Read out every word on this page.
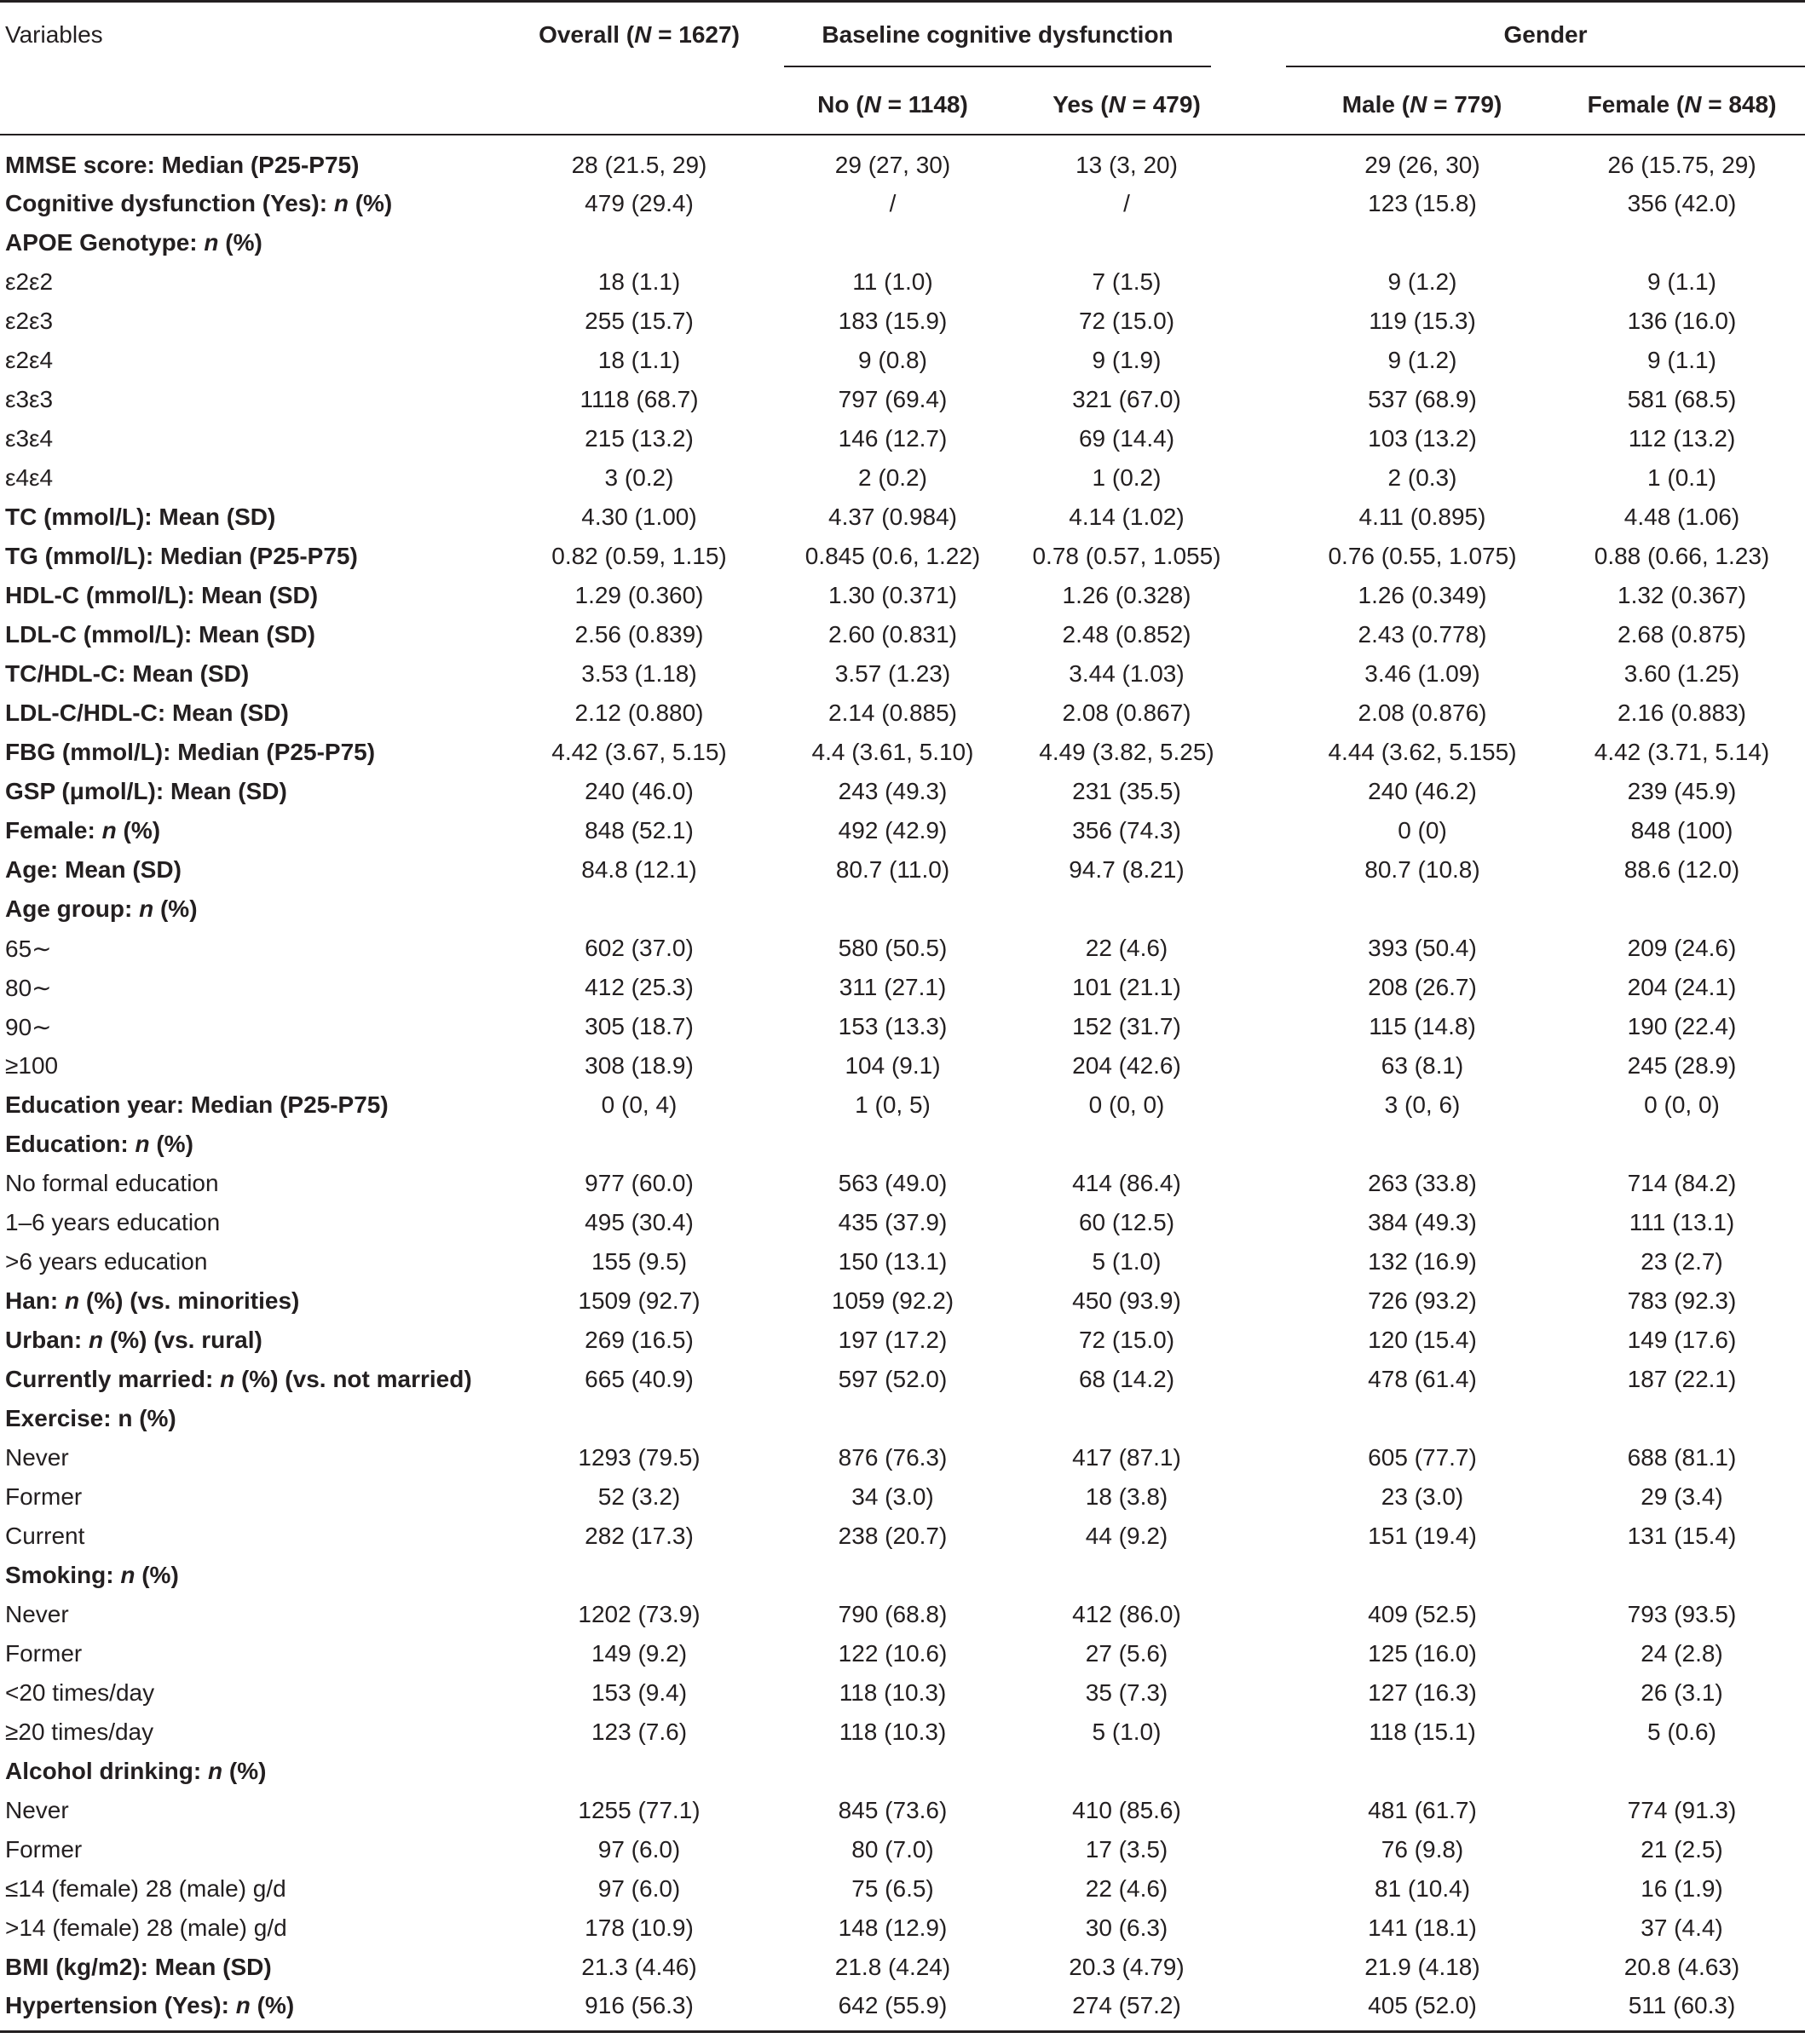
Variables	Overall (N = 1627)	Baseline cognitive dysfunction		Gender	

		No (N = 1148)	Yes (N = 479)	Male (N = 779)	Female (N = 848)
MMSE score: Median (P25-P75)	28 (21.5, 29)	29 (27, 30)	13 (3, 20)	29 (26, 30)	26 (15.75, 29)
Cognitive dysfunction (Yes): n (%)	479 (29.4)	/	/	123 (15.8)	356 (42.0)
APOE Genotype: n (%)					
ε2ε2	18 (1.1)	11 (1.0)	7 (1.5)	9 (1.2)	9 (1.1)
ε2ε3	255 (15.7)	183 (15.9)	72 (15.0)	119 (15.3)	136 (16.0)
ε2ε4	18 (1.1)	9 (0.8)	9 (1.9)	9 (1.2)	9 (1.1)
ε3ε3	1118 (68.7)	797 (69.4)	321 (67.0)	537 (68.9)	581 (68.5)
ε3ε4	215 (13.2)	146 (12.7)	69 (14.4)	103 (13.2)	112 (13.2)
ε4ε4	3 (0.2)	2 (0.2)	1 (0.2)	2 (0.3)	1 (0.1)
TC (mmol/L): Mean (SD)	4.30 (1.00)	4.37 (0.984)	4.14 (1.02)	4.11 (0.895)	4.48 (1.06)
TG (mmol/L): Median (P25-P75)	0.82 (0.59, 1.15)	0.845 (0.6, 1.22)	0.78 (0.57, 1.055)	0.76 (0.55, 1.075)	0.88 (0.66, 1.23)
HDL-C (mmol/L): Mean (SD)	1.29 (0.360)	1.30 (0.371)	1.26 (0.328)	1.26 (0.349)	1.32 (0.367)
LDL-C (mmol/L): Mean (SD)	2.56 (0.839)	2.60 (0.831)	2.48 (0.852)	2.43 (0.778)	2.68 (0.875)
TC/HDL-C: Mean (SD)	3.53 (1.18)	3.57 (1.23)	3.44 (1.03)	3.46 (1.09)	3.60 (1.25)
LDL-C/HDL-C: Mean (SD)	2.12 (0.880)	2.14 (0.885)	2.08 (0.867)	2.08 (0.876)	2.16 (0.883)
FBG (mmol/L): Median (P25-P75)	4.42 (3.67, 5.15)	4.4 (3.61, 5.10)	4.49 (3.82, 5.25)	4.44 (3.62, 5.155)	4.42 (3.71, 5.14)
GSP (μmol/L): Mean (SD)	240 (46.0)	243 (49.3)	231 (35.5)	240 (46.2)	239 (45.9)
Female: n (%)	848 (52.1)	492 (42.9)	356 (74.3)	0 (0)	848 (100)
Age: Mean (SD)	84.8 (12.1)	80.7 (11.0)	94.7 (8.21)	80.7 (10.8)	88.6 (12.0)
Age group: n (%)					
65∼	602 (37.0)	580 (50.5)	22 (4.6)	393 (50.4)	209 (24.6)
80∼	412 (25.3)	311 (27.1)	101 (21.1)	208 (26.7)	204 (24.1)
90∼	305 (18.7)	153 (13.3)	152 (31.7)	115 (14.8)	190 (22.4)
≥100	308 (18.9)	104 (9.1)	204 (42.6)	63 (8.1)	245 (28.9)
Education year: Median (P25-P75)	0 (0, 4)	1 (0, 5)	0 (0, 0)	3 (0, 6)	0 (0, 0)
Education: n (%)					
No formal education	977 (60.0)	563 (49.0)	414 (86.4)	263 (33.8)	714 (84.2)
1–6 years education	495 (30.4)	435 (37.9)	60 (12.5)	384 (49.3)	111 (13.1)
>6 years education	155 (9.5)	150 (13.1)	5 (1.0)	132 (16.9)	23 (2.7)
Han: n (%) (vs. minorities)	1509 (92.7)	1059 (92.2)	450 (93.9)	726 (93.2)	783 (92.3)
Urban: n (%) (vs. rural)	269 (16.5)	197 (17.2)	72 (15.0)	120 (15.4)	149 (17.6)
Currently married: n (%) (vs. not married)	665 (40.9)	597 (52.0)	68 (14.2)	478 (61.4)	187 (22.1)
Exercise: n (%)					
Never	1293 (79.5)	876 (76.3)	417 (87.1)	605 (77.7)	688 (81.1)
Former	52 (3.2)	34 (3.0)	18 (3.8)	23 (3.0)	29 (3.4)
Current	282 (17.3)	238 (20.7)	44 (9.2)	151 (19.4)	131 (15.4)
Smoking: n (%)					
Never	1202 (73.9)	790 (68.8)	412 (86.0)	409 (52.5)	793 (93.5)
Former	149 (9.2)	122 (10.6)	27 (5.6)	125 (16.0)	24 (2.8)
<20 times/day	153 (9.4)	118 (10.3)	35 (7.3)	127 (16.3)	26 (3.1)
≥20 times/day	123 (7.6)	118 (10.3)	5 (1.0)	118 (15.1)	5 (0.6)
Alcohol drinking: n (%)					
Never	1255 (77.1)	845 (73.6)	410 (85.6)	481 (61.7)	774 (91.3)
Former	97 (6.0)	80 (7.0)	17 (3.5)	76 (9.8)	21 (2.5)
≤14 (female) 28 (male) g/d	97 (6.0)	75 (6.5)	22 (4.6)	81 (10.4)	16 (1.9)
>14 (female) 28 (male) g/d	178 (10.9)	148 (12.9)	30 (6.3)	141 (18.1)	37 (4.4)
BMI (kg/m2): Mean (SD)	21.3 (4.46)	21.8 (4.24)	20.3 (4.79)	21.9 (4.18)	20.8 (4.63)
Hypertension (Yes): n (%)	916 (56.3)	642 (55.9)	274 (57.2)	405 (52.0)	511 (60.3)
